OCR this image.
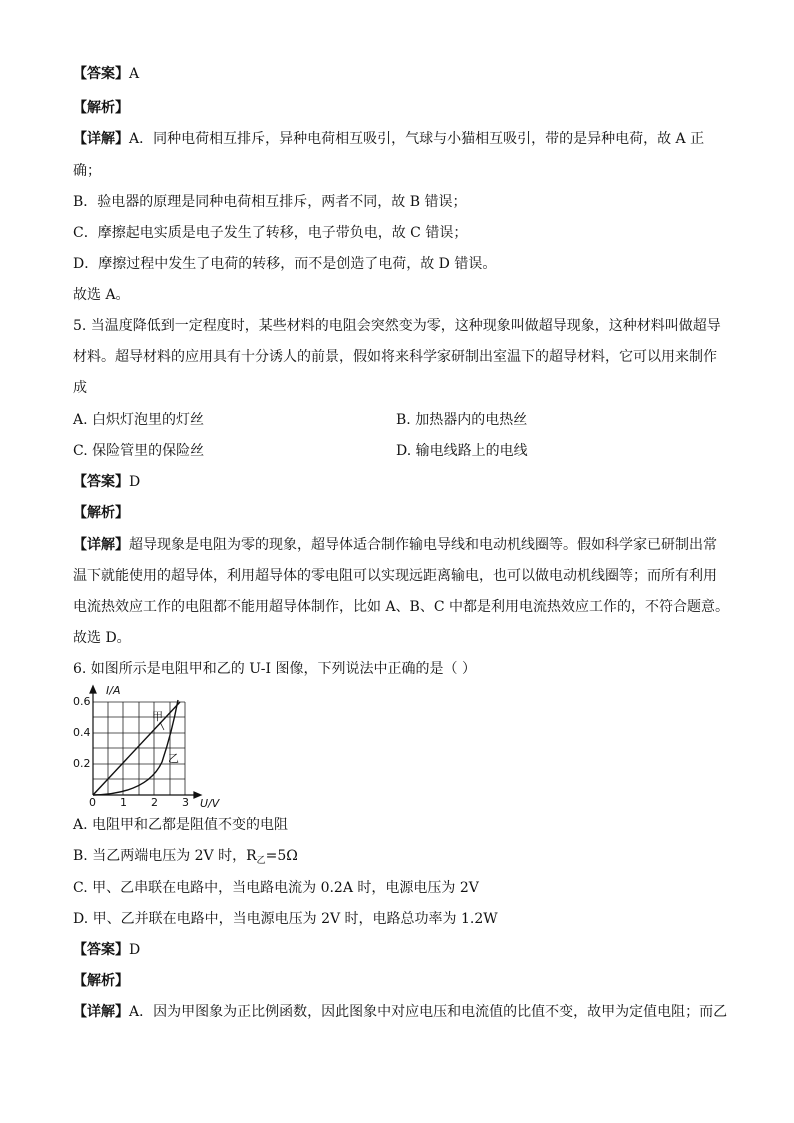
【答案】A
【解析】
【详解】A．同种电荷相互排斥，异种电荷相互吸引，气球与小猫相互吸引，带的是异种电荷，故 A 正
确；
B．验电器的原理是同种电荷相互排斥，两者不同，故 B 错误；
C．摩擦起电实质是电子发生了转移，电子带负电，故 C 错误；
D．摩擦过程中发生了电荷的转移，而不是创造了电荷，故 D 错误。
故选 A。
5. 当温度降低到一定程度时，某些材料的电阻会突然变为零，这种现象叫做超导现象，这种材料叫做超导
材料。超导材料的应用具有十分诱人的前景，假如将来科学家研制出室温下的超导材料，它可以用来制作
成
A. 白炽灯泡里的灯丝	B. 加热器内的电热丝
C. 保险管里的保险丝	D. 输电线路上的电线
【答案】D
【解析】
【详解】超导现象是电阻为零的现象，超导体适合制作输电导线和电动机线圈等。假如科学家已研制出常
温下就能使用的超导体，利用超导体的零电阻可以实现远距离输电，也可以做电动机线圈等；而所有利用
电流热效应工作的电阻都不能用超导体制作，比如 A、B、C 中都是利用电流热效应工作的，不符合题意。
故选 D。
6. 如图所示是电阻甲和乙的 U-I 图像，下列说法中正确的是（ ）
I/A
U/V
0.6
0.4
0.2
0 1 2 3
甲
乙
A. 电阻甲和乙都是阻值不变的电阻
B. 当乙两端电压为 2V 时，$R_乙=5\Omega$
C. 甲、乙串联在电路中，当电路电流为 0.2A 时，电源电压为 2V
D. 甲、乙并联在电路中，当电源电压为 2V 时，电路总功率为 1.2W
【答案】D
【解析】
【详解】A．因为甲图象为正比例函数，因此图象中对应电压和电流值的比值不变，故甲为定值电阻；而乙
